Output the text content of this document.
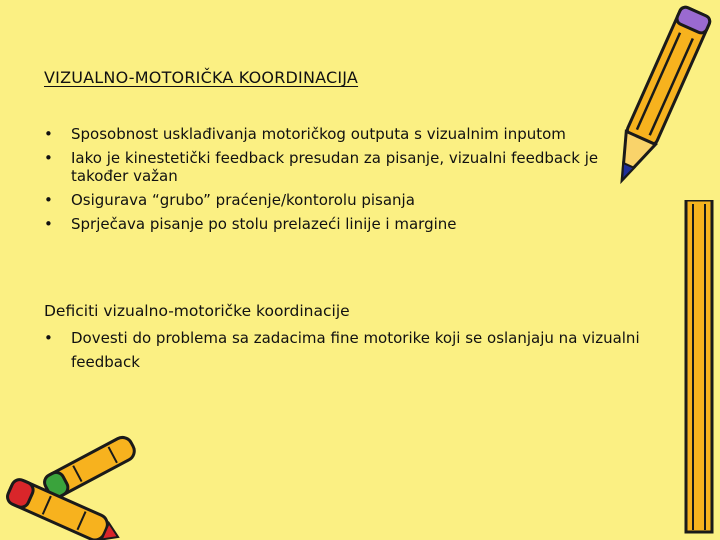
VIZUALNO-MOTORIČKA KOORDINACIJA
• Sposobnost usklađivanja motoričkog outputa s vizualnim inputom
• Iako je kinestetički feedback presudan za pisanje, vizualni feedback je također važan
• Osigurava “grubo” praćenje/kontorolu pisanja
• Sprječava pisanje po stolu prelazeći linije i margine
Deficiti vizualno-motoričke koordinacije
• Dovesti do problema sa zadacima fine motorike koji se oslanjaju na vizualni feedback
